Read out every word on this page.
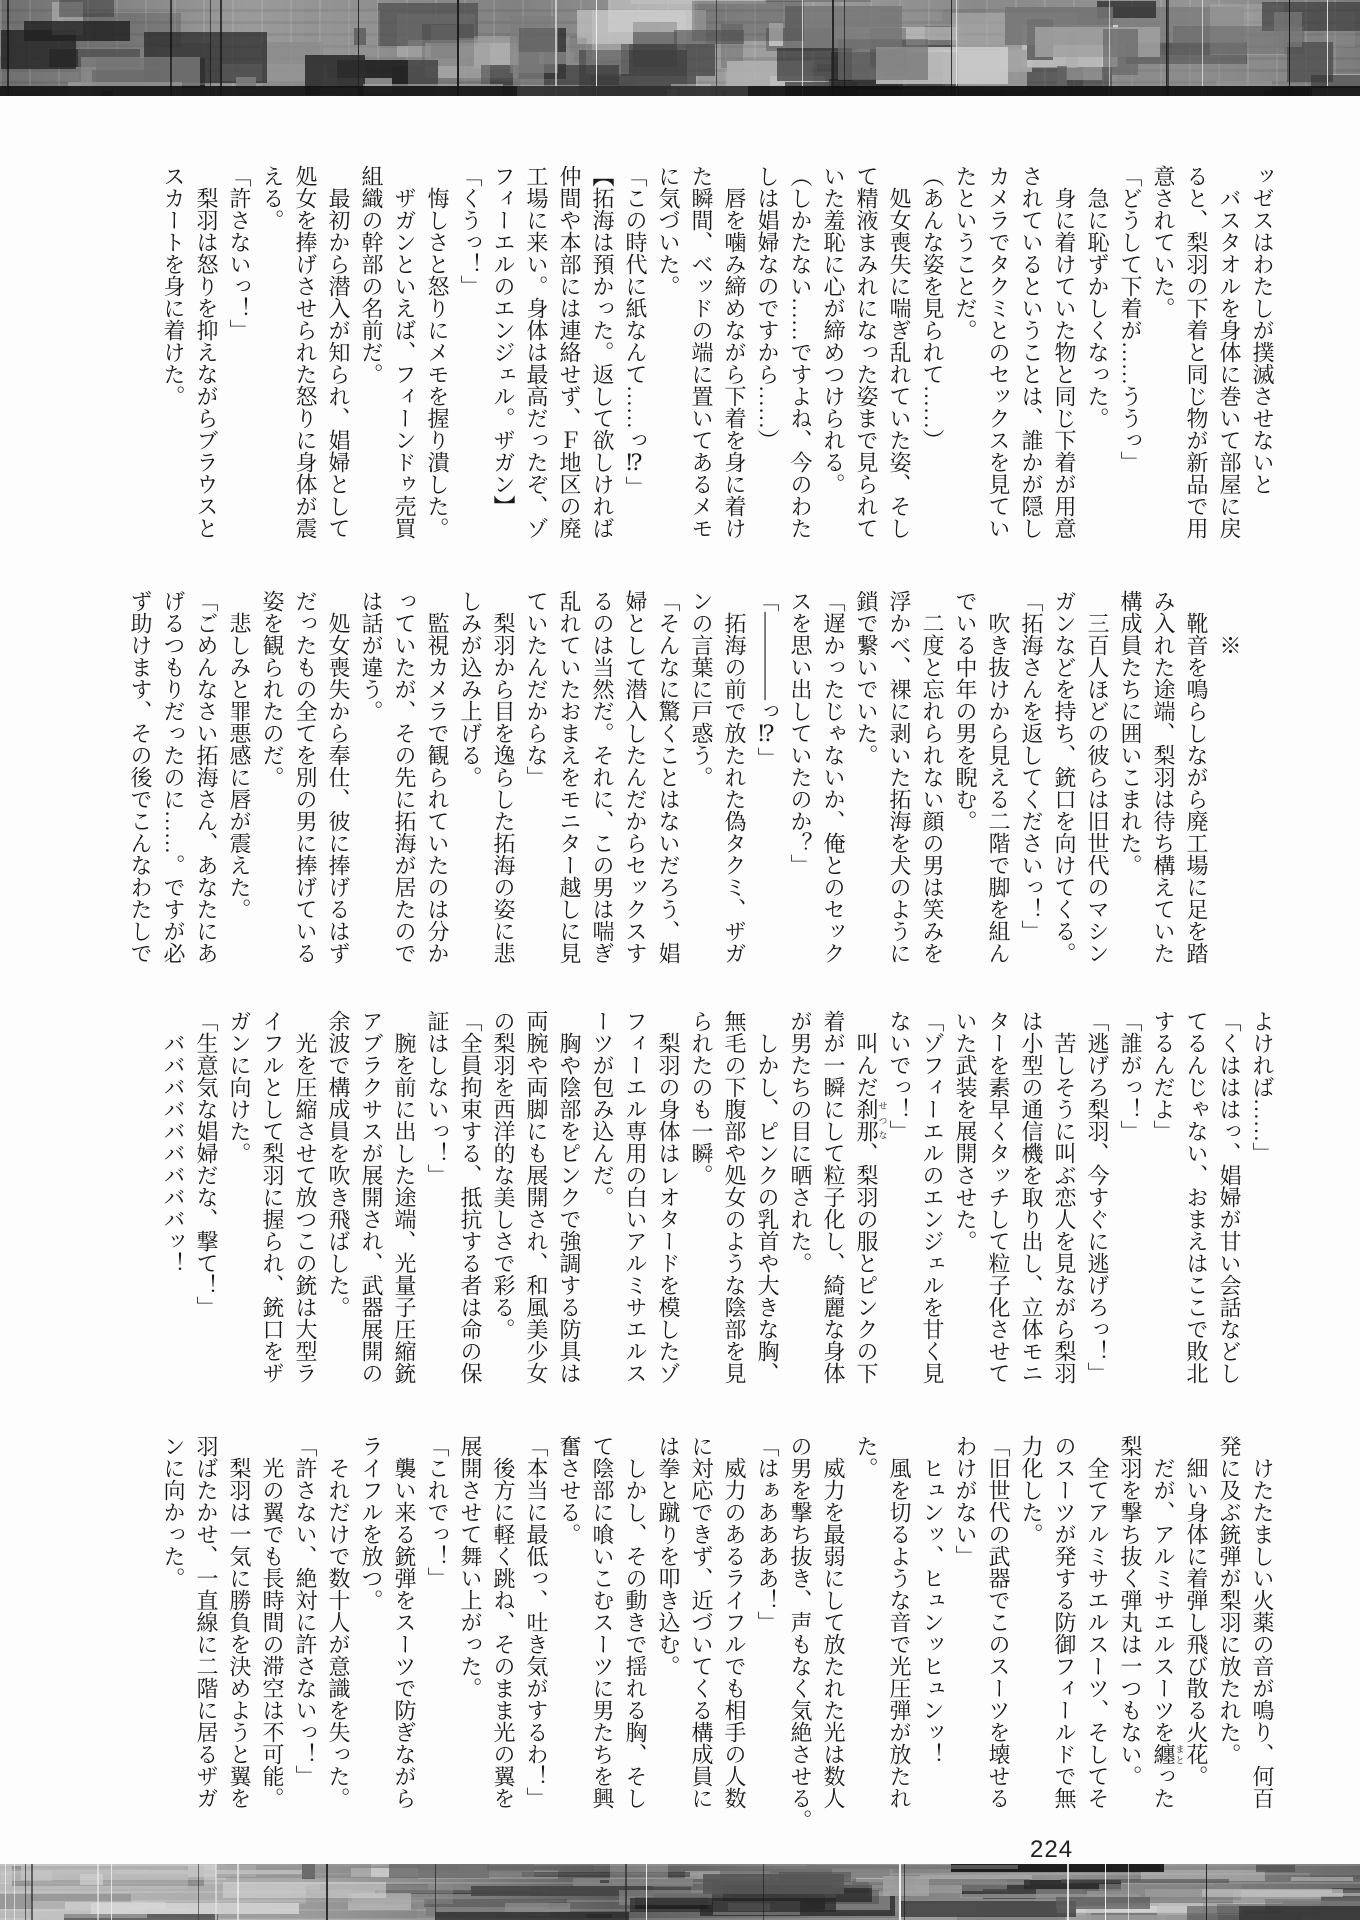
ッゼスはわたしが撲滅させないと
　バスタオルを身体に巻いて部屋に戻
ると、梨羽の下着と同じ物が新品で用
意されていた。
「どうして下着が……ううっ」
　急に恥ずかしくなった。
　身に着けていた物と同じ下着が用意
されているということは、誰かが隠し
カメラでタクミとのセックスを見てい
たということだ。
（あんな姿を見られて……）
　処女喪失に喘ぎ乱れていた姿、そし
て精液まみれになった姿まで見られて
いた羞恥に心が締めつけられる。
（しかたない……ですよね、今のわた
しは娼婦なのですから……）
　唇を噛み締めながら下着を身に着け
た瞬間、ベッドの端に置いてあるメモ
に気づいた。
「この時代に紙なんて……っ⁉」
【拓海は預かった。返して欲しければ
仲間や本部には連絡せず、Ｆ地区の廃
工場に来い。身体は最高だったぞ、ゾ
フィーエルのエンジェル。ザガン】
「くうっ！」
　悔しさと怒りにメモを握り潰した。
　ザガンといえば、フィーンドゥ売買
組織の幹部の名前だ。
　最初から潜入が知られ、娼婦として
処女を捧げさせられた怒りに身体が震
える。
「許さないっ！」
　梨羽は怒りを抑えながらブラウスと
スカートを身に着けた。

　　※
　靴音を鳴らしながら廃工場に足を踏
み入れた途端、梨羽は待ち構えていた
構成員たちに囲いこまれた。
　三百人ほどの彼らは旧世代のマシン
ガンなどを持ち、銃口を向けてくる。
「拓海さんを返してくださいっ！」
　吹き抜けから見える二階で脚を組ん
でいる中年の男を睨む。
　二度と忘れられない顔の男は笑みを
浮かべ、裸に剥いた拓海を犬のように
鎖で繋いでいた。
「遅かったじゃないか、俺とのセック
スを思い出していたのか？」
「――――っ⁉」
　拓海の前で放たれた偽タクミ、ザガ
ンの言葉に戸惑う。
「そんなに驚くことはないだろう、娼
婦として潜入したんだからセックスす
るのは当然だ。それに、この男は喘ぎ
乱れていたおまえをモニター越しに見
ていたんだからな」
　梨羽から目を逸らした拓海の姿に悲
しみが込み上げる。
　監視カメラで観られていたのは分か
っていたが、その先に拓海が居たので
は話が違う。
　処女喪失から奉仕、彼に捧げるはず
だったもの全てを別の男に捧げている
姿を観られたのだ。
　悲しみと罪悪感に唇が震えた。
「ごめんなさい拓海さん、あなたにあ
げるつもりだったのに……。ですが必
ず助けます、その後でこんなわたしで
よければ……」
「くはははっ、娼婦が甘い会話などし
てるんじゃない、おまえはここで敗北
するんだよ」
「誰がっ！」
「逃げろ梨羽、今すぐに逃げろっ！」
　苦しそうに叫ぶ恋人を見ながら梨羽
は小型の通信機を取り出し、立体モニ
ターを素早くタッチして粒子化させて
いた武装を展開させた。
「ゾフィーエルのエンジェルを甘く見
ないでっ！」
　叫んだ刹那せつな、梨羽の服とピンクの下
着が一瞬にして粒子化し、綺麗な身体
が男たちの目に晒された。
　しかし、ピンクの乳首や大きな胸、
無毛の下腹部や処女のような陰部を見
られたのも一瞬。
　梨羽の身体はレオタードを模したゾ
フィーエル専用の白いアルミサエルス
ーツが包み込んだ。
　胸や陰部をピンクで強調する防具は
両腕や両脚にも展開され、和風美少女
の梨羽を西洋的な美しさで彩る。
「全員拘束する、抵抗する者は命の保
証はしないっ！」
　腕を前に出した途端、光量子圧縮銃
アブラクサスが展開され、武器展開の
余波で構成員を吹き飛ばした。
　光を圧縮させて放つこの銃は大型ラ
イフルとして梨羽に握られ、銃口をザ
ガンに向けた。
「生意気な娼婦だな、撃て！」
　バババババババババッ！
　けたたましい火薬の音が鳴り、何百
発に及ぶ銃弾が梨羽に放たれた。
　細い身体に着弾し飛び散る火花。
　だが、アルミサエルスーツを纏まとった
梨羽を撃ち抜く弾丸は一つもない。
　全てアルミサエルスーツ、そしてそ
のスーツが発する防御フィールドで無
力化した。
「旧世代の武器でこのスーツを壊せる
わけがない」
　ヒュンッ、ヒュンッヒュンッ！
　風を切るような音で光圧弾が放たれ
た。
　威力を最弱にして放たれた光は数人
の男を撃ち抜き、声もなく気絶させる。
「はぁああああ！」
　威力のあるライフルでも相手の人数
に対応できず、近づいてくる構成員に
は拳と蹴りを叩き込む。
　しかし、その動きで揺れる胸、そし
て陰部に喰いこむスーツに男たちを興
奮させる。
「本当に最低っ、吐き気がするわ！」
　後方に軽く跳ね、そのまま光の翼を
展開させて舞い上がった。
「これでっ！」
　襲い来る銃弾をスーツで防ぎながら
ライフルを放つ。
　それだけで数十人が意識を失った。
「許さない、絶対に許さないっ！」
　光の翼でも長時間の滞空は不可能。
　梨羽は一気に勝負を決めようと翼を
羽ばたかせ、一直線に二階に居るザガ
ンに向かった。
224
